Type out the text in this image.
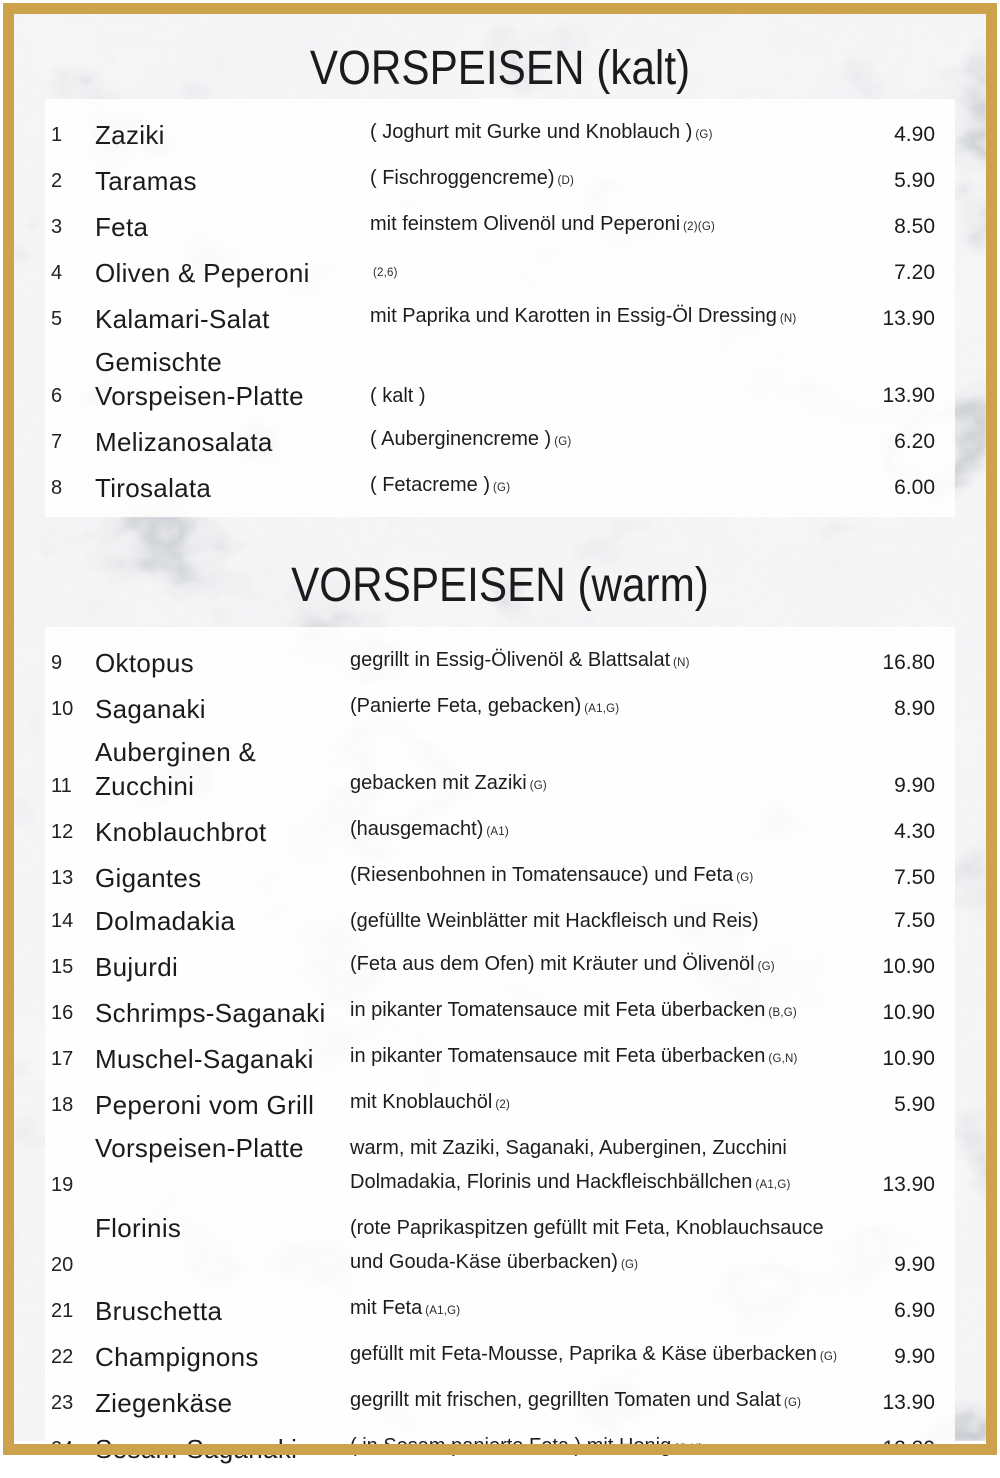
VORSPEISEN (kalt)
1	Zaziki	( Joghurt mit Gurke und Knoblauch ) (G)	4.90
2	Taramas	( Fischroggencreme) (D)	5.90
3	Feta	mit feinstem Olivenöl und Peperoni (2)(G)	8.50
4	Oliven & Peperoni	(2,6)	7.20
5	Kalamari-Salat	mit Paprika und Karotten in Essig-Öl Dressing (N)	13.90
6
Gemischte
Vorspeisen-Platte	( kalt )	13.90
7	Melizanosalata	( Auberginencreme ) (G)	6.20
8	Tirosalata	( Fetacreme ) (G)	6.00
VORSPEISEN (warm)
9	Oktopus	gegrillt in Essig-Ölivenöl & Blattsalat (N)	16.80
10 Saganaki	(Panierte Feta, gebacken) (A1,G)	8.90
11
Auberginen &
Zucchini	gebacken mit Zaziki (G)	9.90
12 Knoblauchbrot	(hausgemacht) (A1)	4.30
13 Gigantes	(Riesenbohnen in Tomatensauce) und Feta (G)	7.50
14 Dolmadakia	(gefüllte Weinblätter mit Hackfleisch und Reis)	7.50
15 Bujurdi	(Feta aus dem Ofen) mit Kräuter und Ölivenöl (G)	10.90
16 Schrimps-Saganaki	in pikanter Tomatensauce mit Feta überbacken (B,G)	10.90
17 Muschel-Saganaki	in pikanter Tomatensauce mit Feta überbacken (G,N)	10.90
18 Peperoni vom Grill	mit Knoblauchöl (2)	5.90
19
Vorspeisen-Platte	warm, mit Zaziki, Saganaki, Auberginen, Zucchini
Dolmadakia, Florinis und Hackfleischbällchen (A1,G)	13.90
20
Florinis	(rote Paprikaspitzen gefüllt mit Feta, Knoblauchsauce
und Gouda-Käse überbacken) (G)	9.90
21 Bruschetta	mit Feta (A1,G)	6.90
22 Champignons	gefüllt mit Feta-Mousse, Paprika & Käse überbacken (G)	9.90
23 Ziegenkäse	gegrillt mit frischen, gegrillten Tomaten und Salat (G)	13.90
24 Sesam-Saganaki	( in Sesam panierte Feta ) mit Honig (G,K)	12.20
